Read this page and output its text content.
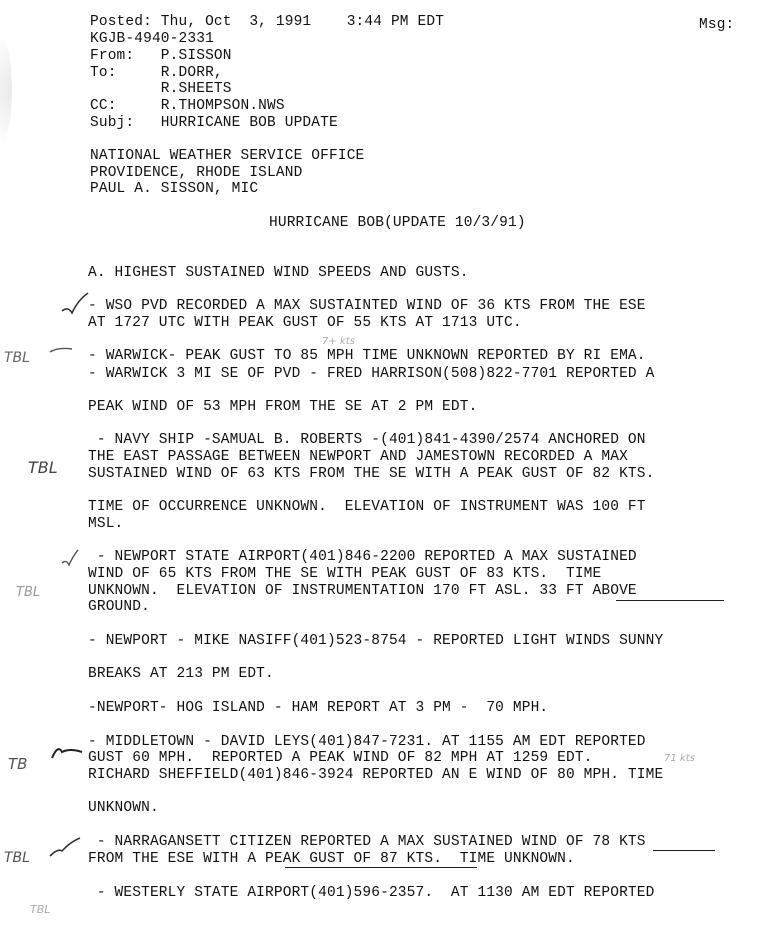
Posted: Thu, Oct  3, 1991    3:44 PM EDT	Msg:
KGJB-4940-2331
From:   P.SISSON
To:     R.DORR,
R.SHEETS
CC:     R.THOMPSON.NWS
Subj:   HURRICANE BOB UPDATE
NATIONAL WEATHER SERVICE OFFICE
PROVIDENCE, RHODE ISLAND
PAUL A. SISSON, MIC
HURRICANE BOB(UPDATE 10/3/91)
A. HIGHEST SUSTAINED WIND SPEEDS AND GUSTS.
- WSO PVD RECORDED A MAX SUSTAINTED WIND OF 36 KTS FROM THE ESE
AT 1727 UTC WITH PEAK GUST OF 55 KTS AT 1713 UTC.
- WARWICK- PEAK GUST TO 85 MPH TIME UNKNOWN REPORTED BY RI EMA.
- WARWICK 3 MI SE OF PVD - FRED HARRISON(508)822-7701 REPORTED A
PEAK WIND OF 53 MPH FROM THE SE AT 2 PM EDT.
- NAVY SHIP -SAMUAL B. ROBERTS -(401)841-4390/2574 ANCHORED ON
THE EAST PASSAGE BETWEEN NEWPORT AND JAMESTOWN RECORDED A MAX
SUSTAINED WIND OF 63 KTS FROM THE SE WITH A PEAK GUST OF 82 KTS.
TIME OF OCCURRENCE UNKNOWN.  ELEVATION OF INSTRUMENT WAS 100 FT
MSL.
- NEWPORT STATE AIRPORT(401)846-2200 REPORTED A MAX SUSTAINED
WIND OF 65 KTS FROM THE SE WITH PEAK GUST OF 83 KTS.  TIME
UNKNOWN.  ELEVATION OF INSTRUMENTATION 170 FT ASL. 33 FT ABOVE
GROUND.
- NEWPORT - MIKE NASIFF(401)523-8754 - REPORTED LIGHT WINDS SUNNY
BREAKS AT 213 PM EDT.
-NEWPORT- HOG ISLAND - HAM REPORT AT 3 PM -  70 MPH.
- MIDDLETOWN - DAVID LEYS(401)847-7231. AT 1155 AM EDT REPORTED
GUST 60 MPH.  REPORTED A PEAK WIND OF 82 MPH AT 1259 EDT.
RICHARD SHEFFIELD(401)846-3924 REPORTED AN E WIND OF 80 MPH. TIME
UNKNOWN.
- NARRAGANSETT CITIZEN REPORTED A MAX SUSTAINED WIND OF 78 KTS
FROM THE ESE WITH A PEAK GUST OF 87 KTS.  TIME UNKNOWN.
- WESTERLY STATE AIRPORT(401)596-2357.  AT 1130 AM EDT REPORTED
TBL
TBL
TBL
TB
TBL
TBL
7+ kts
71 kts
